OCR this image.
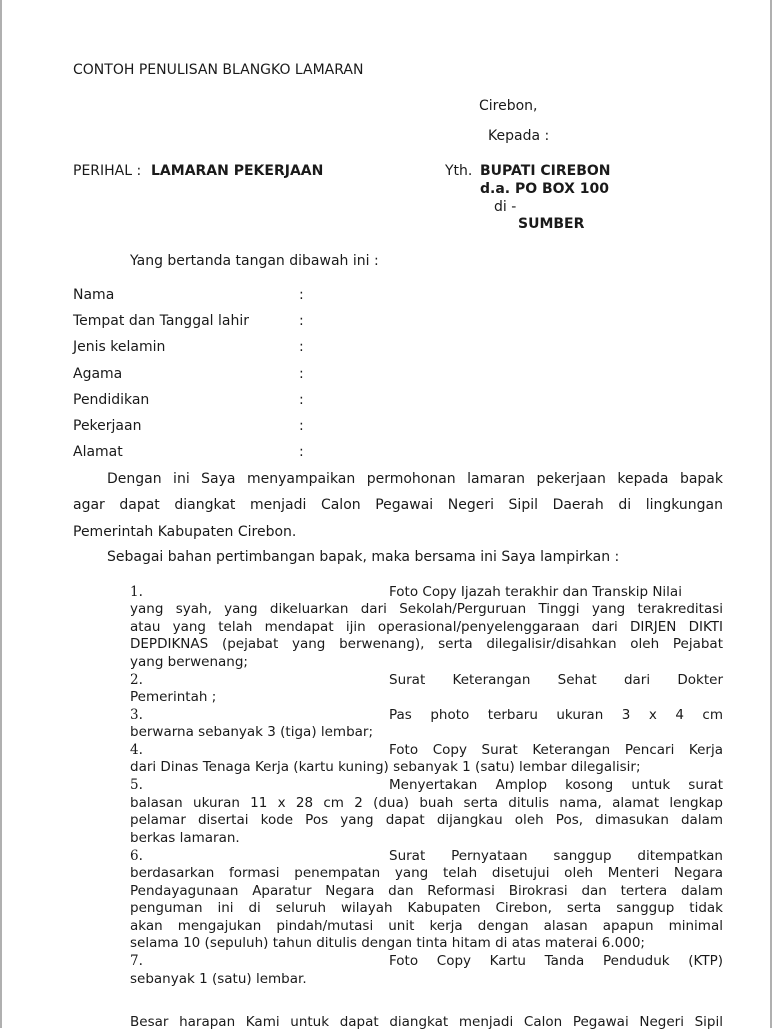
CONTOH PENULISAN BLANGKO LAMARAN
Cirebon,
Kepada :
PERIHAL : LAMARAN PEKERJAAN	Yth. BUPATI CIREBON
d.a. PO BOX 100
di -
SUMBER
Yang bertanda tangan dibawah ini :
Nama	:
Tempat dan Tanggal lahir	:
Jenis kelamin	:
Agama	:
Pendidikan	:
Pekerjaan	:
Alamat	:
Dengan ini Saya menyampaikan permohonan lamaran pekerjaan kepada bapak
agar dapat diangkat menjadi Calon Pegawai Negeri Sipil Daerah di lingkungan
Pemerintah Kabupaten Cirebon.
Sebagai bahan pertimbangan bapak, maka bersama ini Saya lampirkan :
1.	Foto Copy Ijazah terakhir dan Transkip Nilai
yang syah, yang dikeluarkan dari Sekolah/Perguruan Tinggi yang terakreditasi
atau yang telah mendapat ijin operasional/penyelenggaraan dari DIRJEN DIKTI
DEPDIKNAS (pejabat yang berwenang), serta dilegalisir/disahkan oleh Pejabat
yang berwenang;
2.	Surat Keterangan Sehat dari Dokter
Pemerintah ;
3.	Pas photo terbaru ukuran 3 x 4 cm
berwarna sebanyak 3 (tiga) lembar;
4.	Foto Copy Surat Keterangan Pencari Kerja
dari Dinas Tenaga Kerja (kartu kuning) sebanyak 1 (satu) lembar dilegalisir;
5.	Menyertakan Amplop kosong untuk surat
balasan ukuran 11 x 28 cm 2 (dua) buah serta ditulis nama, alamat lengkap
pelamar disertai kode Pos yang dapat dijangkau oleh Pos, dimasukan dalam
berkas lamaran.
6.	Surat Pernyataan sanggup ditempatkan
berdasarkan formasi penempatan yang telah disetujui oleh Menteri Negara
Pendayagunaan Aparatur Negara dan Reformasi Birokrasi dan tertera dalam
penguman ini di seluruh wilayah Kabupaten Cirebon, serta sanggup tidak
akan mengajukan pindah/mutasi unit kerja dengan alasan apapun minimal
selama 10 (sepuluh) tahun ditulis dengan tinta hitam di atas materai 6.000;
7.	Foto Copy Kartu Tanda Penduduk (KTP)
sebanyak 1 (satu) lembar.
Besar harapan Kami untuk dapat diangkat menjadi Calon Pegawai Negeri Sipil
